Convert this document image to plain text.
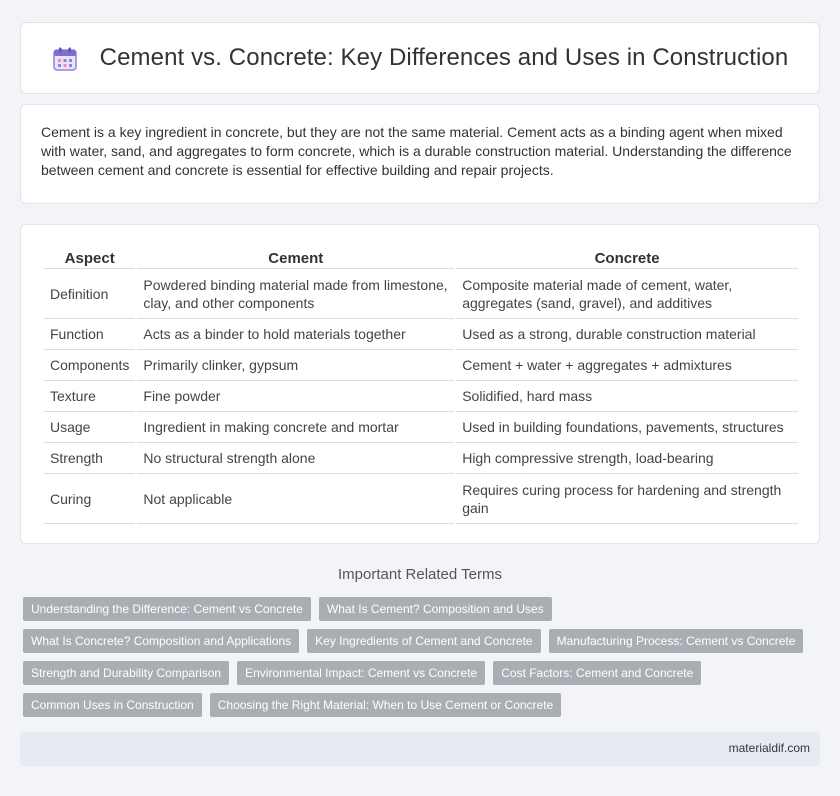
Cement vs. Concrete: Key Differences and Uses in Construction

Cement is a key ingredient in concrete, but they are not the same material. Cement acts as a binding agent when mixed with water, sand, and aggregates to form concrete, which is a durable construction material. Understanding the difference between cement and concrete is essential for effective building and repair projects.

Aspect	Cement	Concrete
Definition	Powdered binding material made from limestone, clay, and other components	Composite material made of cement, water, aggregates (sand, gravel), and additives
Function	Acts as a binder to hold materials together	Used as a strong, durable construction material
Components	Primarily clinker, gypsum	Cement + water + aggregates + admixtures
Texture	Fine powder	Solidified, hard mass
Usage	Ingredient in making concrete and mortar	Used in building foundations, pavements, structures
Strength	No structural strength alone	High compressive strength, load-bearing
Curing	Not applicable	Requires curing process for hardening and strength gain
Important Related Terms
Understanding the Difference: Cement vs Concrete	What Is Cement? Composition and Uses
What Is Concrete? Composition and Applications	Key Ingredients of Cement and Concrete	Manufacturing Process: Cement vs Concrete
Strength and Durability Comparison	Environmental Impact: Cement vs Concrete	Cost Factors: Cement and Concrete
Common Uses in Construction	Choosing the Right Material: When to Use Cement or Concrete
materialdif.com
